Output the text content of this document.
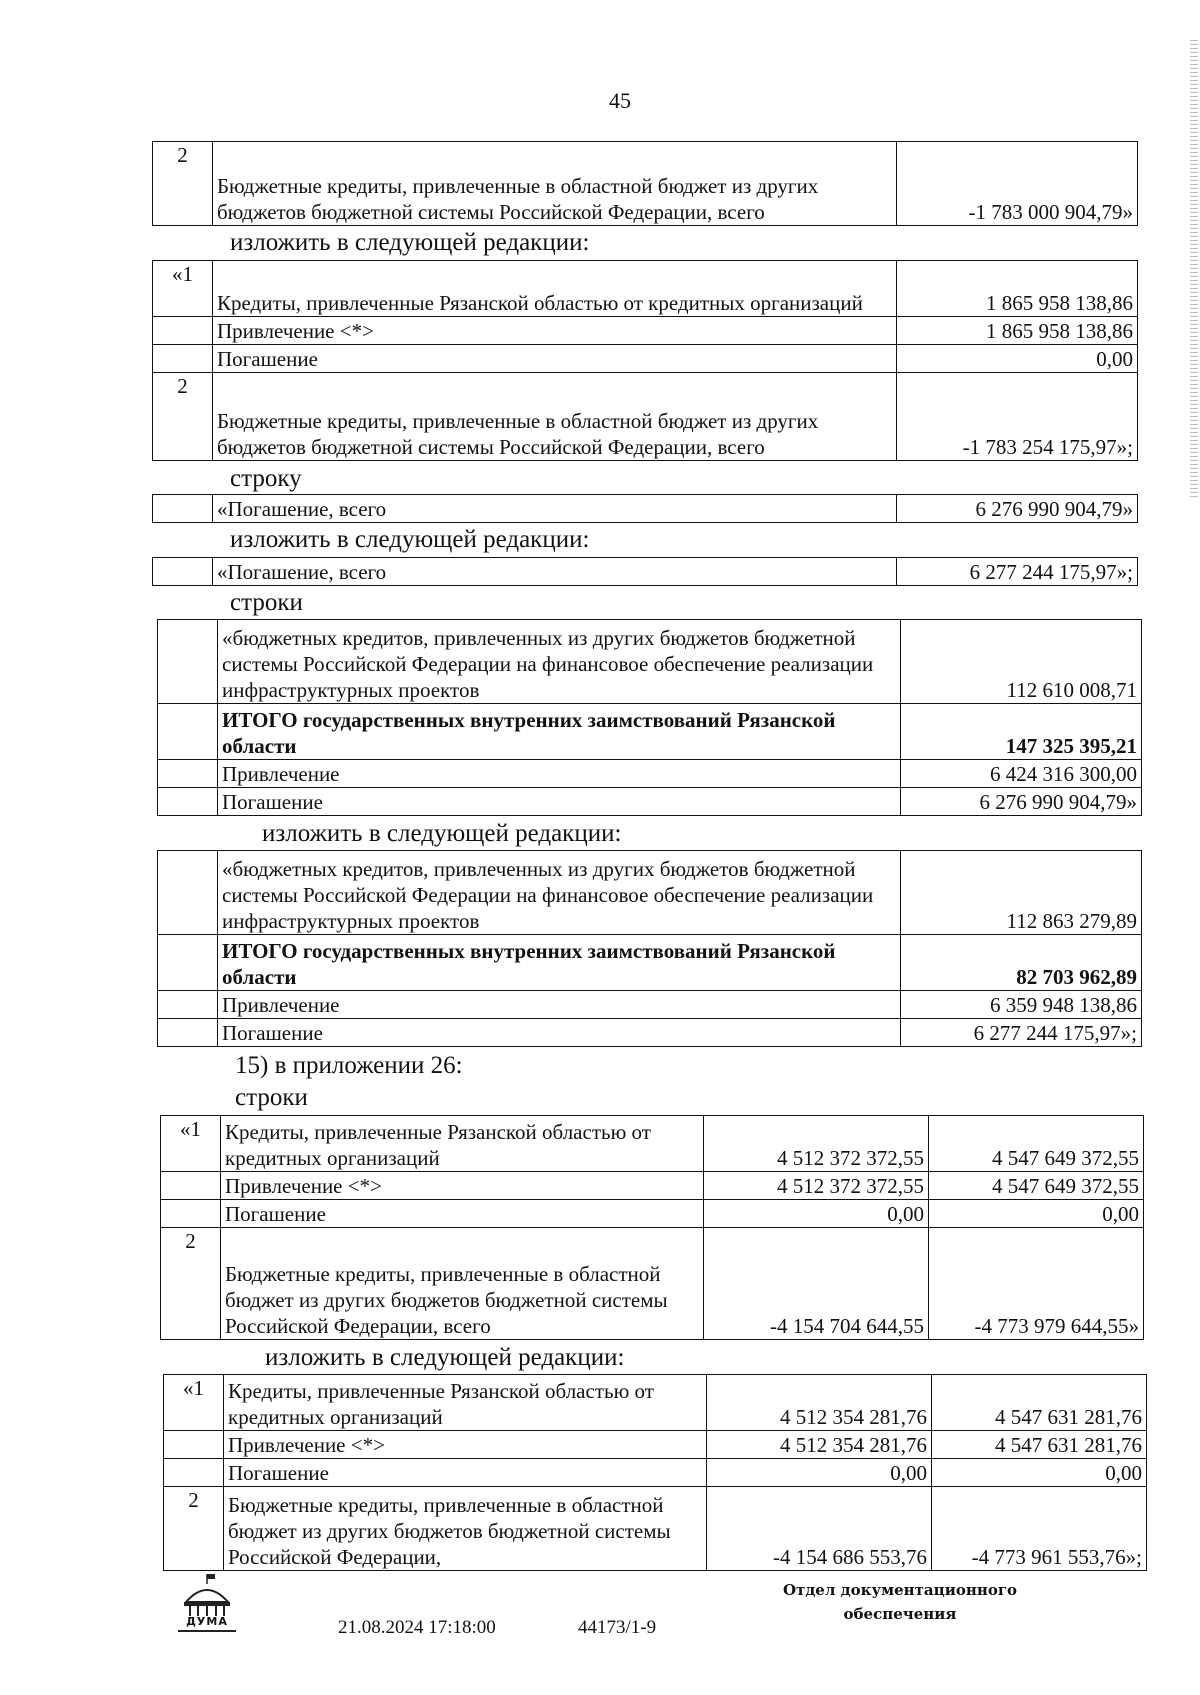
45
2	Бюджетные кредиты, привлеченные в областной бюджет из других бюджетов бюджетной системы Российской Федерации, всего	-1 783 000 904,79»
изложить в следующей редакции:
«1	Кредиты, привлеченные Рязанской областью от кредитных организаций	1 865 958 138,86
	Привлечение <*>	1 865 958 138,86
	Погашение	0,00
2	Бюджетные кредиты, привлеченные в областной бюджет из других бюджетов бюджетной системы Российской Федерации, всего	-1 783 254 175,97»;
строку
	«Погашение, всего	6 276 990 904,79»
изложить в следующей редакции:
	«Погашение, всего	6 277 244 175,97»;
строки
	«бюджетных кредитов, привлеченных из других бюджетов бюджетной системы Российской Федерации на финансовое обеспечение реализации инфраструктурных проектов	112 610 008,71
	ИТОГО государственных внутренних заимствований Рязанской области	147 325 395,21
	Привлечение	6 424 316 300,00
	Погашение	6 276 990 904,79»
изложить в следующей редакции:
	«бюджетных кредитов, привлеченных из других бюджетов бюджетной системы Российской Федерации на финансовое обеспечение реализации инфраструктурных проектов	112 863 279,89
	ИТОГО государственных внутренних заимствований Рязанской области	82 703 962,89
	Привлечение	6 359 948 138,86
	Погашение	6 277 244 175,97»;
15) в приложении 26:
строки
«1	Кредиты, привлеченные Рязанской областью от кредитных организаций	4 512 372 372,55	4 547 649 372,55
	Привлечение <*>	4 512 372 372,55	4 547 649 372,55
	Погашение	0,00	0,00
2	Бюджетные кредиты, привлеченные в областной бюджет из других бюджетов бюджетной системы Российской Федерации, всего	-4 154 704 644,55	-4 773 979 644,55»
изложить в следующей редакции:
«1	Кредиты, привлеченные Рязанской областью от кредитных организаций	4 512 354 281,76	4 547 631 281,76
	Привлечение <*>	4 512 354 281,76	4 547 631 281,76
	Погашение	0,00	0,00
2	Бюджетные кредиты, привлеченные в областной бюджет из других бюджетов бюджетной системы Российской Федерации,	-4 154 686 553,76	-4 773 961 553,76»;
ДУМА	21.08.2024 17:18:00	44173/1-9
Отдел документационного
обеспечения
